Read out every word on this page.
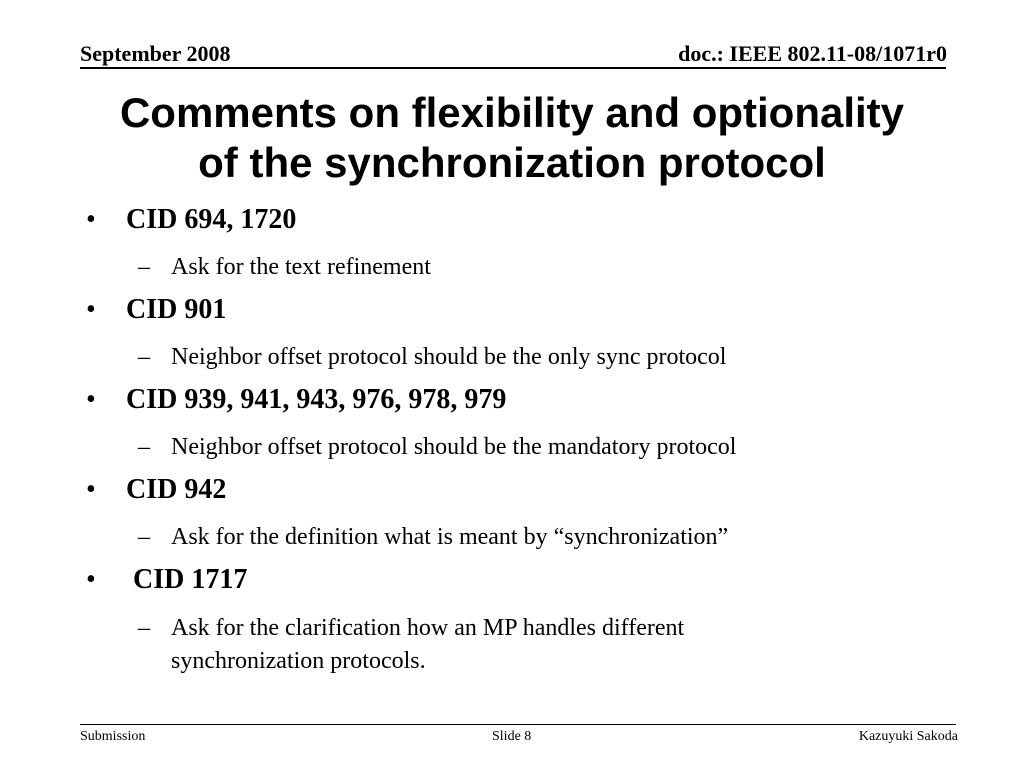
September 2008	doc.: IEEE 802.11-08/1071r0
Comments on flexibility and optionality
of the synchronization protocol
• CID 694, 1720
– Ask for the text refinement
• CID 901
– Neighbor offset protocol should be the only sync protocol
• CID 939, 941, 943, 976, 978, 979
– Neighbor offset protocol should be the mandatory protocol
• CID 942
– Ask for the definition what is meant by “synchronization”
• CID 1717
– Ask for the clarification how an MP handles different synchronization protocols.
Submission	Slide 8	Kazuyuki Sakoda
